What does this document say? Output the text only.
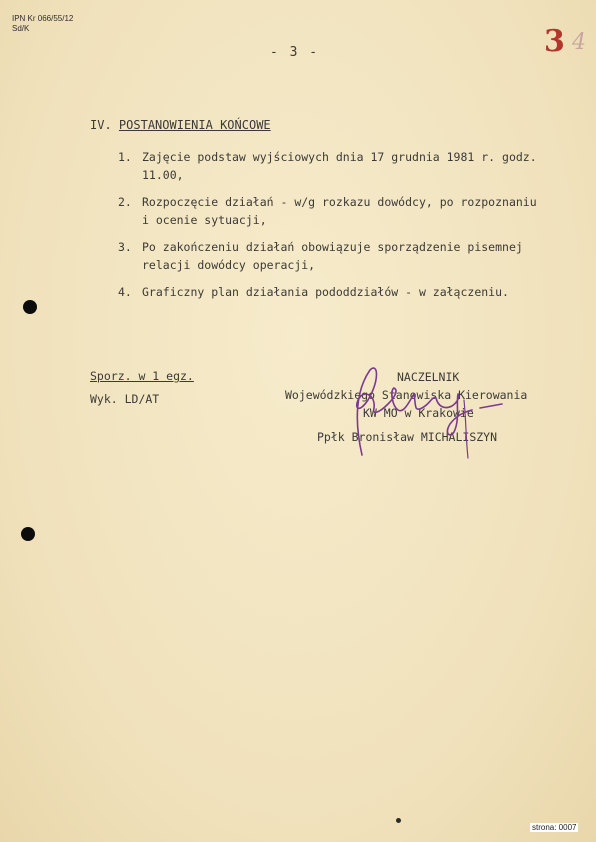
IPN Kr 066/55/12
Sd/K
- 3 -	3 4
IV. POSTANOWIENIA KOŃCOWE
1. Zajęcie podstaw wyjściowych dnia 17 grudnia 1981 r. godz.
11.00,
2. Rozpoczęcie działań - w/g rozkazu dowódcy, po rozpoznaniu
i ocenie sytuacji,
3. Po zakończeniu działań obowiązuje sporządzenie pisemnej
relacji dowódcy operacji,
4. Graficzny plan działania pododdziałów - w załączeniu.
Sporz. w 1 egz.
Wyk. LD/AT
NACZELNIK
Wojewódzkiego Stanowiska Kierowania
KW MO w Krakowie
Ppłk Bronisław MICHALISZYN
strona: 0007
